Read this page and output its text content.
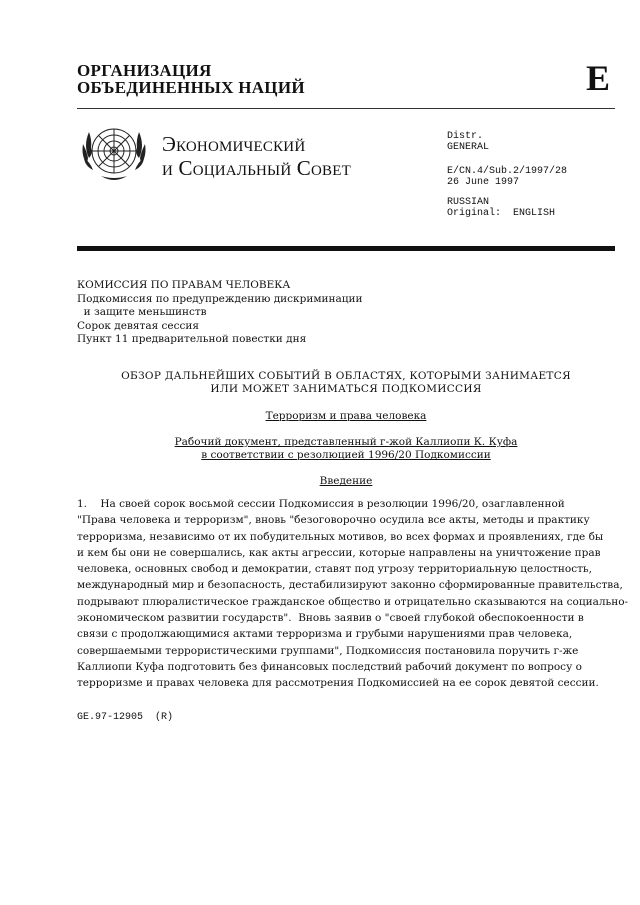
ОРГАНИЗАЦИЯ
ОБЪЕДИНЕННЫХ НАЦИЙ	E
Экономический
и Социальный Совет
Distr.
GENERAL
E/CN.4/Sub.2/1997/28
26 June 1997
RUSSIAN
Original:  ENGLISH
КОМИССИЯ ПО ПРАВАМ ЧЕЛОВЕКА
Подкомиссия по предупреждению дискриминации
и защите меньшинств
Сорок девятая сессия
Пункт 11 предварительной повестки дня
ОБЗОР ДАЛЬНЕЙШИХ СОБЫТИЙ В ОБЛАСТЯХ, КОТОРЫМИ ЗАНИМАЕТСЯ
ИЛИ МОЖЕТ ЗАНИМАТЬСЯ ПОДКОМИССИЯ
Терроризм и права человека
Рабочий документ, представленный г-жой Каллиопи К. Куфа
в соответствии с резолюцией 1996/20 Подкомиссии
Введение
1.    На своей сорок восьмой сессии Подкомиссия в резолюции 1996/20, озаглавленной
"Права человека и терроризм", вновь "безоговорочно осудила все акты, методы и практику
терроризма, независимо от их побудительных мотивов, во всех формах и проявлениях, где бы
и кем бы они не совершались, как акты агрессии, которые направлены на уничтожение прав
человека, основных свобод и демократии, ставят под угрозу территориальную целостность,
международный мир и безопасность, дестабилизируют законно сформированные правительства,
подрывают плюралистическое гражданское общество и отрицательно сказываются на социально-
экономическом развитии государств".  Вновь заявив о "своей глубокой обеспокоенности в
связи с продолжающимися актами терроризма и грубыми нарушениями прав человека,
совершаемыми террористическими группами", Подкомиссия постановила поручить г-же
Каллиопи Куфа подготовить без финансовых последствий рабочий документ по вопросу о
терроризме и правах человека для рассмотрения Подкомиссией на ее сорок девятой сессии.
GE.97-12905  (R)
